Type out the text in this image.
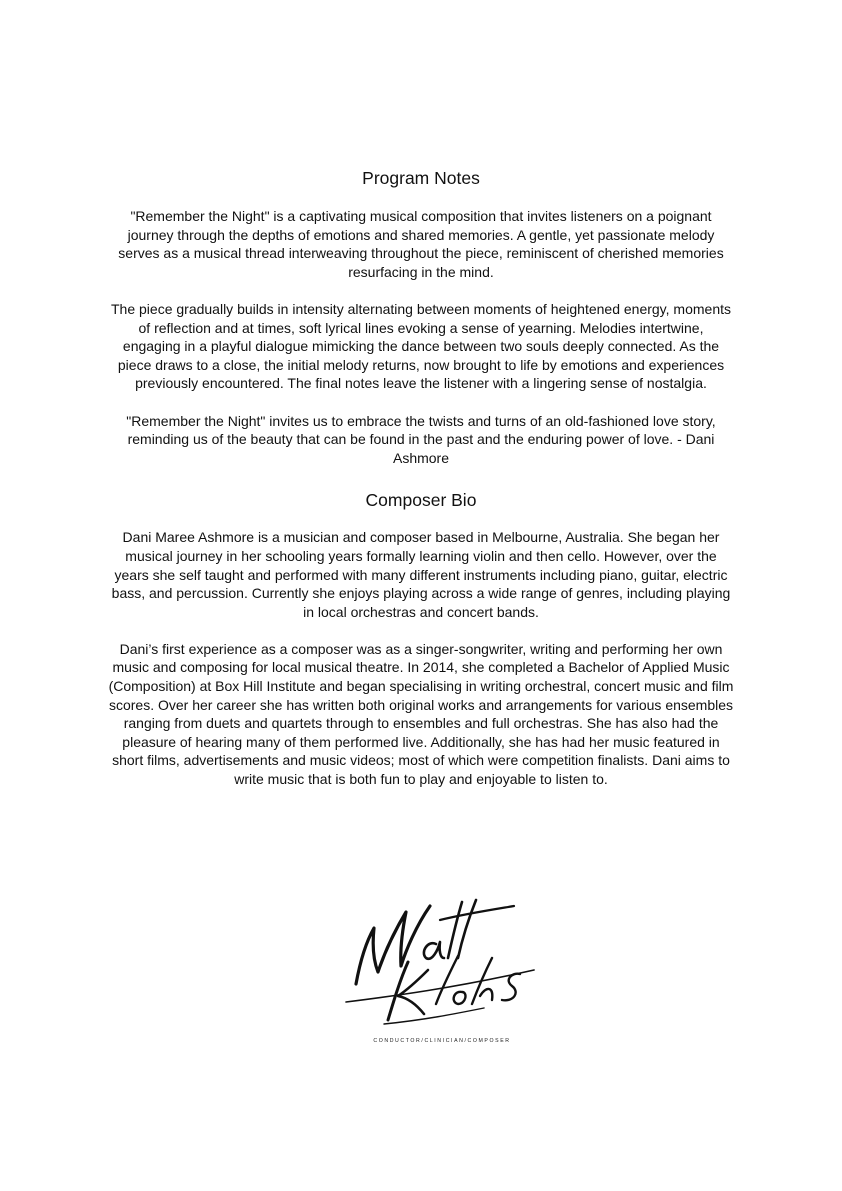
Program Notes

"Remember the Night" is a captivating musical composition that invites listeners on a poignant journey through the depths of emotions and shared memories. A gentle, yet passionate melody serves as a musical thread interweaving throughout the piece, reminiscent of cherished memories resurfacing in the mind.

The piece gradually builds in intensity alternating between moments of heightened energy, moments of reflection and at times, soft lyrical lines evoking a sense of yearning. Melodies intertwine, engaging in a playful dialogue mimicking the dance between two souls deeply connected. As the piece draws to a close, the initial melody returns, now brought to life by emotions and experiences previously encountered. The final notes leave the listener with a lingering sense of nostalgia.

"Remember the Night" invites us to embrace the twists and turns of an old-fashioned love story, reminding us of the beauty that can be found in the past and the enduring power of love. - Dani Ashmore

Composer Bio

Dani Maree Ashmore is a musician and composer based in Melbourne, Australia. She began her musical journey in her schooling years formally learning violin and then cello. However, over the years she self taught and performed with many different instruments including piano, guitar, electric bass, and percussion. Currently she enjoys playing across a wide range of genres, including playing in local orchestras and concert bands.

Dani’s first experience as a composer was as a singer-songwriter, writing and performing her own music and composing for local musical theatre. In 2014, she completed a Bachelor of Applied Music (Composition) at Box Hill Institute and began specialising in writing orchestral, concert music and film scores. Over her career she has written both original works and arrangements for various ensembles ranging from duets and quartets through to ensembles and full orchestras. She has also had the pleasure of hearing many of them performed live. Additionally, she has had her music featured in short films, advertisements and music videos; most of which were competition finalists. Dani aims to write music that is both fun to play and enjoyable to listen to.

CONDUCTOR/CLINICIAN/COMPOSER
